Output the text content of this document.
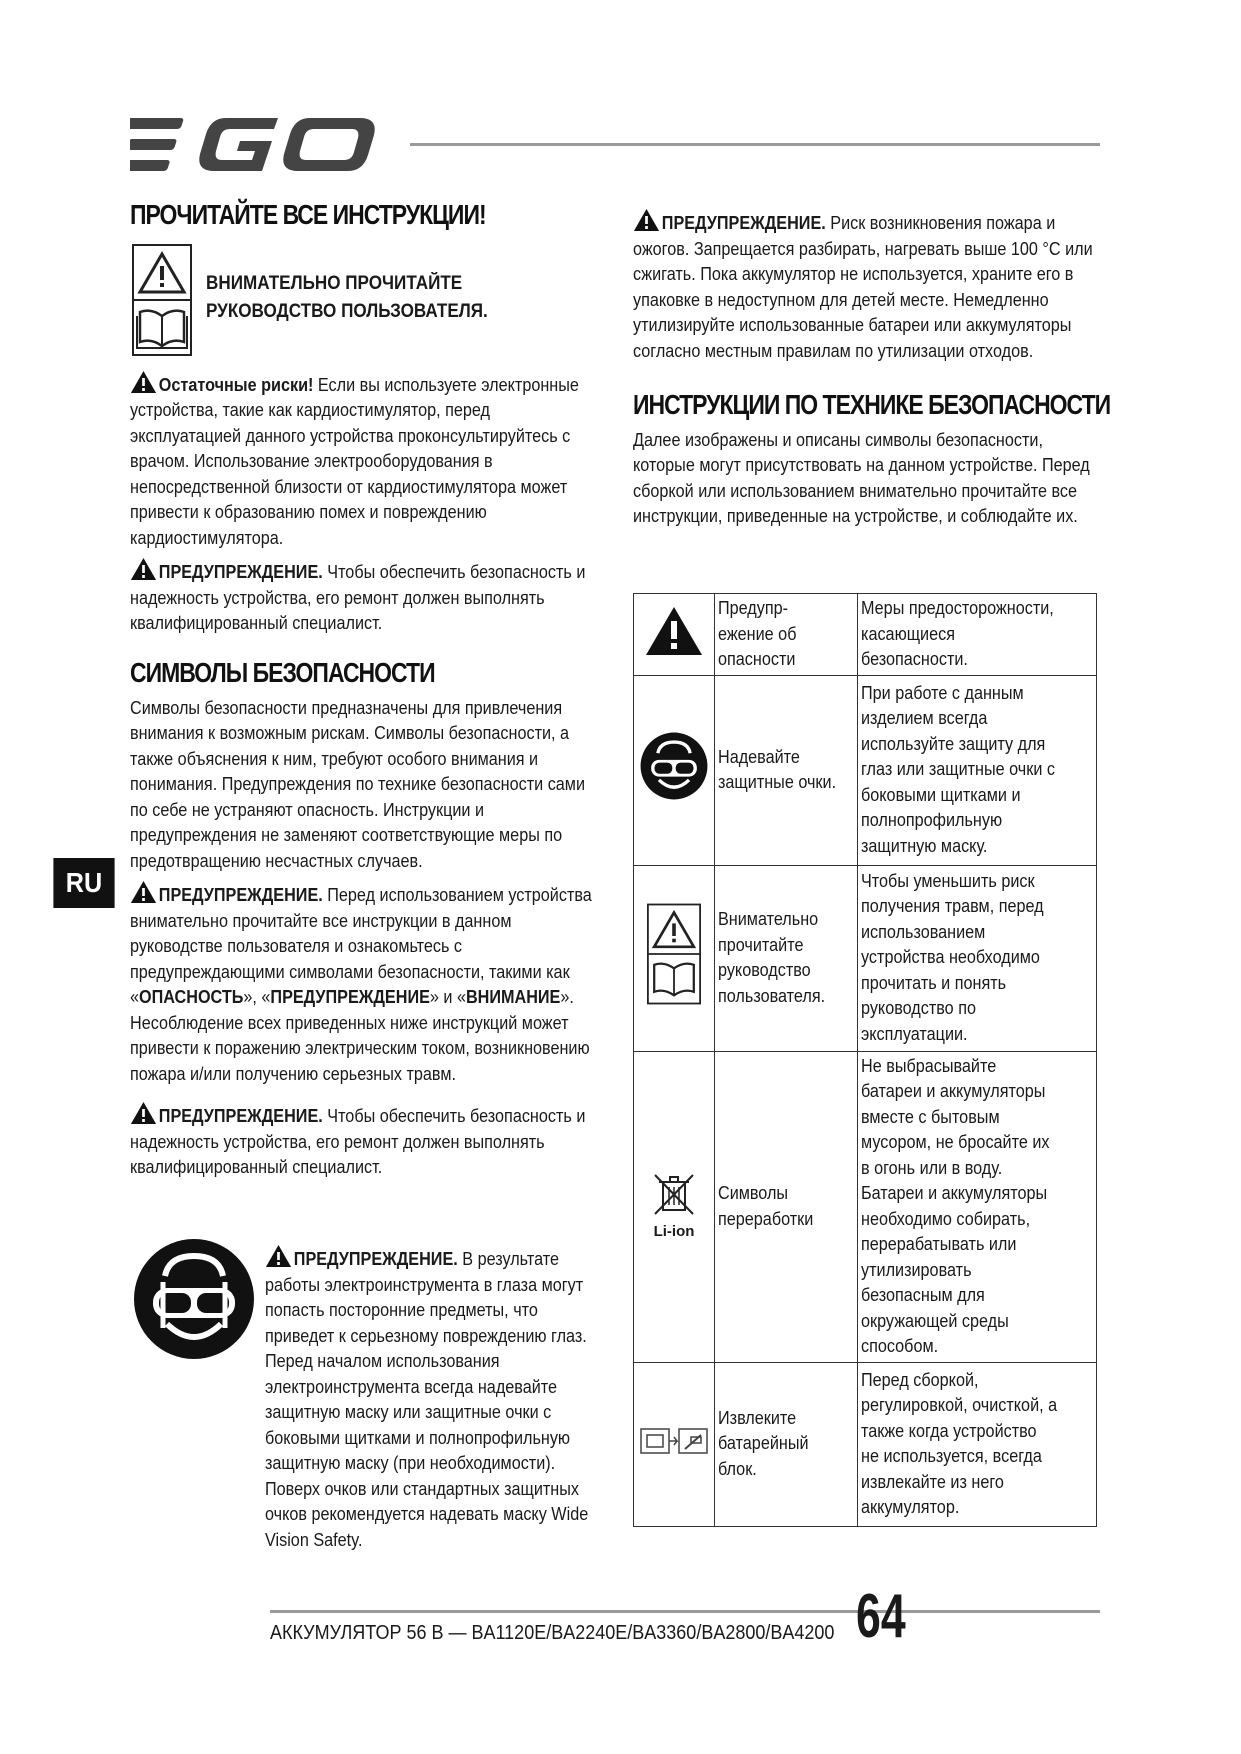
RU
ПРОЧИТАЙТЕ ВСЕ ИНСТРУКЦИИ!
ВНИМАТЕЛЬНО ПРОЧИТАЙТЕ
РУКОВОДСТВО ПОЛЬЗОВАТЕЛЯ.

Остаточные риски! Если вы используете электронные устройства, такие как кардиостимулятор, перед эксплуатацией данного устройства проконсультируйтесь с врачом. Использование электрооборудования в непосредственной близости от кардиостимулятора может привести к образованию помех и повреждению кардиостимулятора.

ПРЕДУПРЕЖДЕНИЕ. Чтобы обеспечить безопасность и надежность устройства, его ремонт должен выполнять квалифицированный специалист.

СИМВОЛЫ БЕЗОПАСНОСТИ

Символы безопасности предназначены для привлечения внимания к возможным рискам. Символы безопасности, а также объяснения к ним, требуют особого внимания и понимания. Предупреждения по технике безопасности сами по себе не устраняют опасность. Инструкции и предупреждения не заменяют соответствующие меры по предотвращению несчастных случаев.

ПРЕДУПРЕЖДЕНИЕ. Перед использованием устройства внимательно прочитайте все инструкции в данном руководстве пользователя и ознакомьтесь с предупреждающими символами безопасности, такими как «ОПАСНОСТЬ», «ПРЕДУПРЕЖДЕНИЕ» и «ВНИМАНИЕ». Несоблюдение всех приведенных ниже инструкций может привести к поражению электрическим током, возникновению пожара и/или получению серьезных травм.

ПРЕДУПРЕЖДЕНИЕ. Чтобы обеспечить безопасность и надежность устройства, его ремонт должен выполнять квалифицированный специалист.

ПРЕДУПРЕЖДЕНИЕ. В результате работы электроинструмента в глаза могут попасть посторонние предметы, что приведет к серьезному повреждению глаз. Перед началом использования электроинструмента всегда надевайте защитную маску или защитные очки с боковыми щитками и полнопрофильную защитную маску (при необходимости). Поверх очков или стандартных защитных очков рекомендуется надевать маску Wide Vision Safety.

ПРЕДУПРЕЖДЕНИЕ. Риск возникновения пожара и ожогов. Запрещается разбирать, нагревать выше 100 °C или сжигать. Пока аккумулятор не используется, храните его в упаковке в недоступном для детей месте. Немедленно утилизируйте использованные батареи или аккумуляторы согласно местным правилам по утилизации отходов.

ИНСТРУКЦИИ ПО ТЕХНИКЕ БЕЗОПАСНОСТИ

Далее изображены и описаны символы безопасности, которые могут присутствовать на данном устройстве. Перед сборкой или использованием внимательно прочитайте все инструкции, приведенные на устройстве, и соблюдайте их.

Предупр-ежение об опасности	Меры предосторожности, касающиеся безопасности.

Надевайте защитные очки.	При работе с данным изделием всегда используйте защиту для глаз или защитные очки с боковыми щитками и полнопрофильную защитную маску.

Внимательно прочитайте руководство пользователя.	Чтобы уменьшить риск получения травм, перед использованием устройства необходимо прочитать и понять руководство по эксплуатации.

Li-ion	Символы переработки	Не выбрасывайте батареи и аккумуляторы вместе с бытовым мусором, не бросайте их в огонь или в воду. Батареи и аккумуляторы необходимо собирать, перерабатывать или утилизировать безопасным для окружающей среды способом.

Извлеките батарейный блок.	Перед сборкой, регулировкой, очисткой, а также когда устройство не используется, всегда извлекайте из него аккумулятор.
АККУМУЛЯТОР 56 В — BA1120E/BA2240E/BA3360/BA2800/BA4200 64
